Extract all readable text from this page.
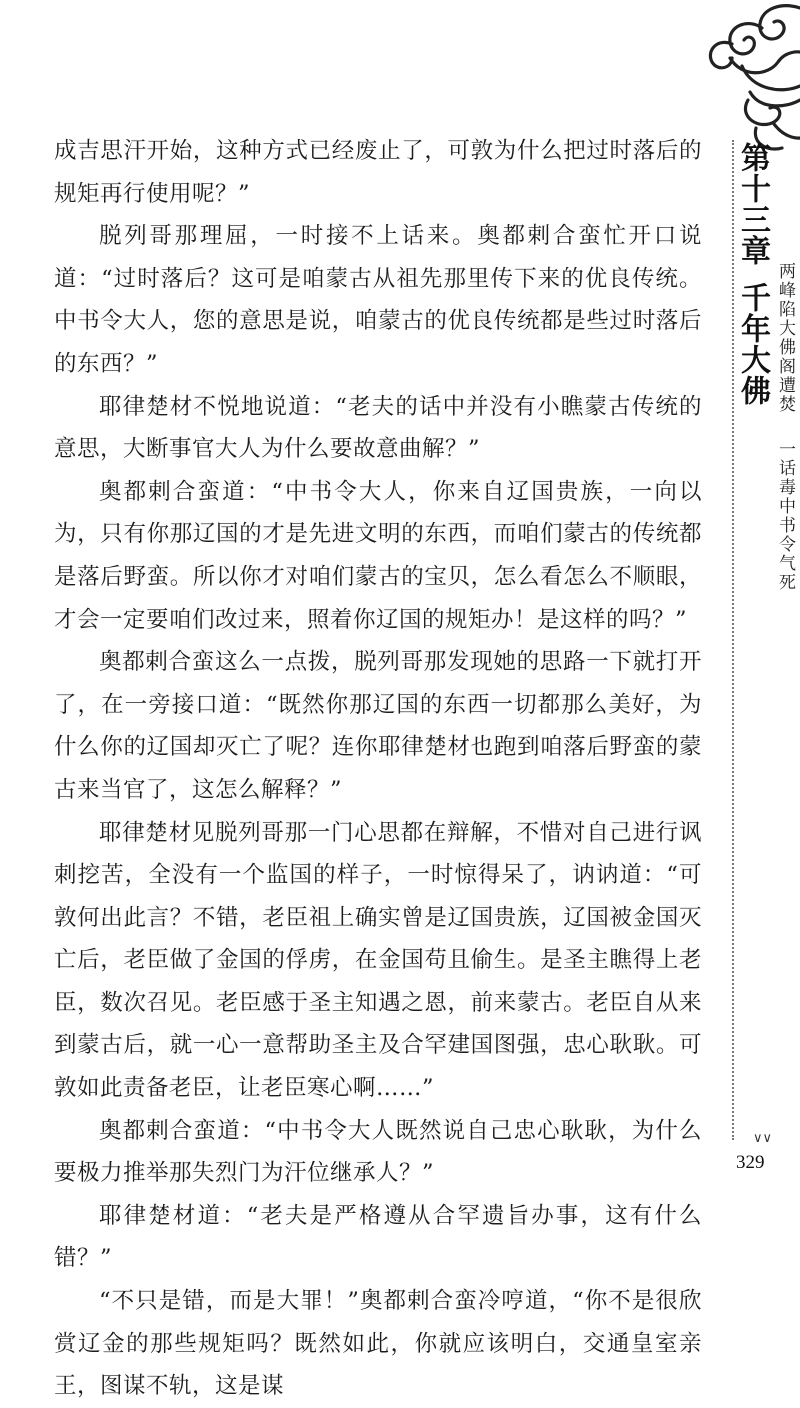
成吉思汗开始，这种方式已经废止了，可敦为什么把过时落后的规矩再行使用呢？”

脱列哥那理屈，一时接不上话来。奥都剌合蛮忙开口说道：“过时落后？这可是咱蒙古从祖先那里传下来的优良传统。中书令大人，您的意思是说，咱蒙古的优良传统都是些过时落后的东西？”

耶律楚材不悦地说道：“老夫的话中并没有小瞧蒙古传统的意思，大断事官大人为什么要故意曲解？”

奥都剌合蛮道：“中书令大人，你来自辽国贵族，一向以为，只有你那辽国的才是先进文明的东西，而咱们蒙古的传统都是落后野蛮。所以你才对咱们蒙古的宝贝，怎么看怎么不顺眼，才会一定要咱们改过来，照着你辽国的规矩办！是这样的吗？”

奥都剌合蛮这么一点拨，脱列哥那发现她的思路一下就打开了，在一旁接口道：“既然你那辽国的东西一切都那么美好，为什么你的辽国却灭亡了呢？连你耶律楚材也跑到咱落后野蛮的蒙古来当官了，这怎么解释？”

耶律楚材见脱列哥那一门心思都在辩解，不惜对自己进行讽刺挖苦，全没有一个监国的样子，一时惊得呆了，讷讷道：“可敦何出此言？不错，老臣祖上确实曾是辽国贵族，辽国被金国灭亡后，老臣做了金国的俘虏，在金国苟且偷生。是圣主瞧得上老臣，数次召见。老臣感于圣主知遇之恩，前来蒙古。老臣自从来到蒙古后，就一心一意帮助圣主及合罕建国图强，忠心耿耿。可敦如此责备老臣，让老臣寒心啊……”

奥都剌合蛮道：“中书令大人既然说自己忠心耿耿，为什么要极力推举那失烈门为汗位继承人？”

耶律楚材道：“老夫是严格遵从合罕遗旨办事，这有什么错？”

“不只是错，而是大罪！”奥都剌合蛮冷哼道，“你不是很欣赏辽金的那些规矩吗？既然如此，你就应该明白，交通皇室亲王，图谋不轨，这是谋

第十三章千年大佛 两峰陷大佛阁遭焚
一话毒中书令气死
∨∨
329
